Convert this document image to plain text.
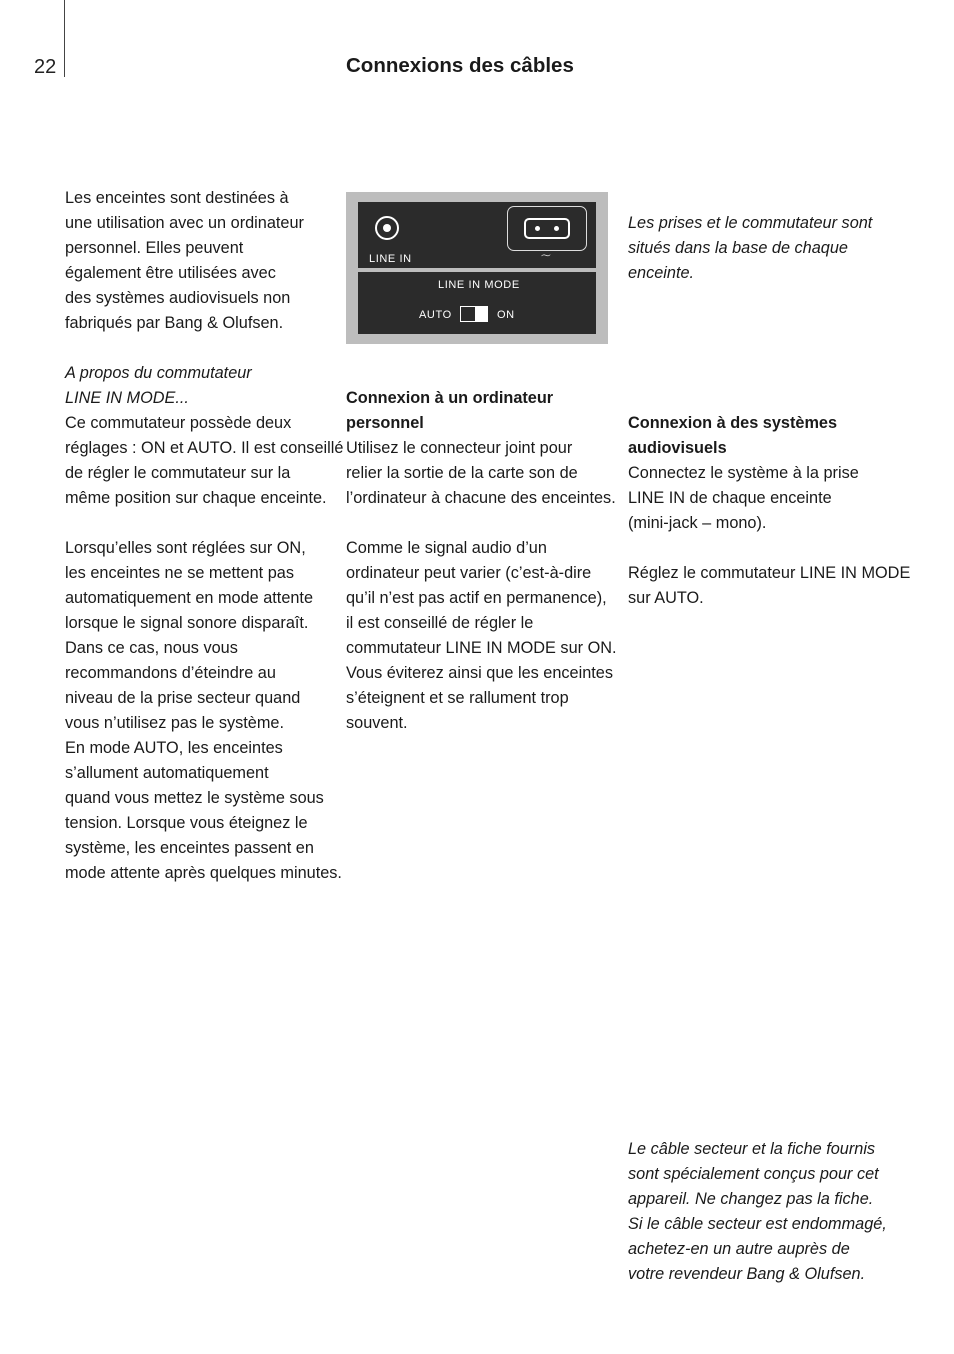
22	Connexions des câbles
Les enceintes sont destinées à
une utilisation avec un ordinateur
personnel. Elles peuvent
également être utilisées avec
des systèmes audiovisuels non
fabriqués par Bang & Olufsen.
A propos du commutateur
LINE IN MODE...
Ce commutateur possède deux
réglages : ON et AUTO. Il est conseillé
de régler le commutateur sur la
même position sur chaque enceinte.
Lorsqu’elles sont réglées sur ON,
les enceintes ne se mettent pas
automatiquement en mode attente
lorsque le signal sonore disparaît.
Dans ce cas, nous vous
recommandons d’éteindre au
niveau de la prise secteur quand
vous n’utilisez pas le système.
En mode AUTO, les enceintes
s’allument automatiquement
quand vous mettez le système sous
tension. Lorsque vous éteignez le
système, les enceintes passent en
mode attente après quelques minutes.
LINE IN	~
LINE IN MODE
AUTO	ON
Connexion à un ordinateur
personnel
Utilisez le connecteur joint pour
relier la sortie de la carte son de
l’ordinateur à chacune des enceintes.
Comme le signal audio d’un
ordinateur peut varier (c’est-à-dire
qu’il n’est pas actif en permanence),
il est conseillé de régler le
commutateur LINE IN MODE sur ON.
Vous éviterez ainsi que les enceintes
s’éteignent et se rallument trop
souvent.
Les prises et le commutateur sont
situés dans la base de chaque
enceinte.
Connexion à des systèmes
audiovisuels
Connectez le système à la prise
LINE IN de chaque enceinte
(mini-jack – mono).
Réglez le commutateur LINE IN MODE
sur AUTO.
Le câble secteur et la fiche fournis
sont spécialement conçus pour cet
appareil. Ne changez pas la fiche.
Si le câble secteur est endommagé,
achetez-en un autre auprès de
votre revendeur Bang & Olufsen.
